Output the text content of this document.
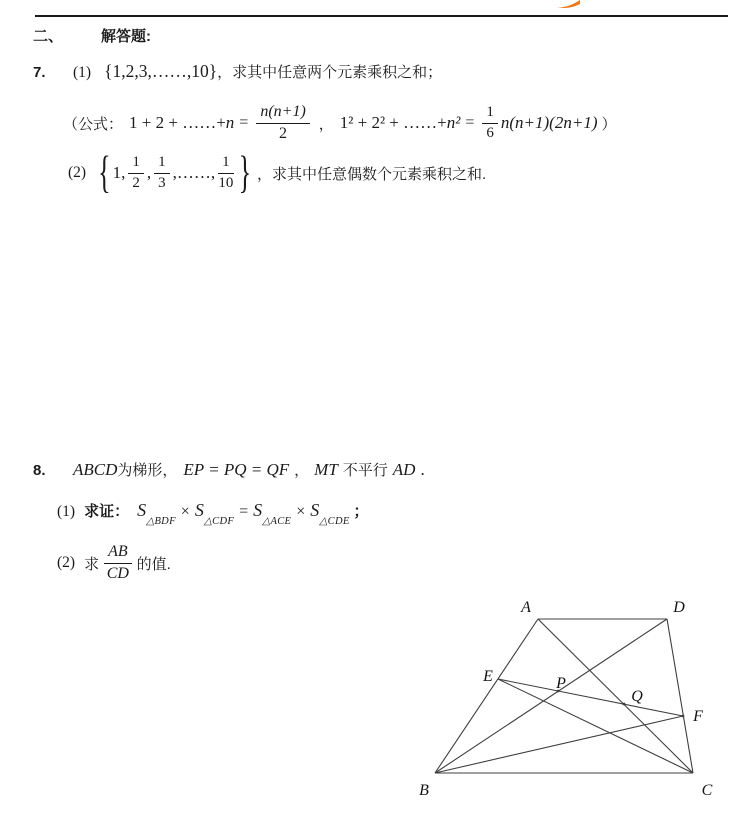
二、	解答题:
7. (1) {1,2,3,……,10}，求其中任意两个元素乘积之和；
（公式： 1 + 2 + ……+ $n = \frac{n(n+1)}{2}$ ， 1² + 2² + ……+ $n^2 = \frac{1}{6} n(n+1)(2n+1)$ ）
(2) { 1, $\frac{1}{2}$ , $\frac{1}{3}$ ,……, $\frac{1}{10}$ } ，求其中任意偶数个元素乘积之和.
8. ABCD为梯形， EP = PQ = QF ， MT 不平行 AD .
(1) 求证： $S_{\triangle BDF}\times S_{\triangle CDF}= S_{\triangle ACE}\times S_{\triangle CDE}$；
(2) 求 $\frac{AB}{CD}$ 的值.
A	D
B	C
E	P
Q
F
